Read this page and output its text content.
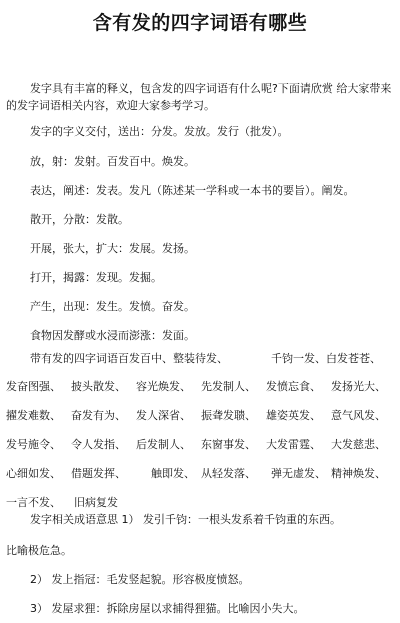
含有发的四字词语有哪些
发字具有丰富的释义，包含发的四字词语有什么呢?下面请欣赏 给大家带来的发字词语相关内容，欢迎大家参考学习。
发字的字义交付，送出：分发。发放。发行（批发）。
放，射：发射。百发百中。焕发。
表达，阐述：发表。发凡（陈述某一学科或一本书的要旨）。阐发。
散开，分散：发散。
开展，张大，扩大：发展。发扬。
打开，揭露：发现。发掘。
产生，出现：发生。发愤。奋发。
食物因发酵或水浸而澎涨：发面。
带有发的四字词语百发百中、整装待发、	千钧一发、白发苍苍、
发奋图强、 披头散发、 容光焕发、 先发制人、 发愤忘食、 发扬光大、
擢发难数、 奋发有为、 发人深省、 振聋发聩、 雄姿英发、 意气风发、
发号施令、 令人发指、 后发制人、 东窗事发、 大发雷霆、 大发慈悲、
心细如发、 借题发挥、 触即发、 从轻发落、 弹无虚发、 精神焕发、
一言不发、 旧病复发
发字相关成语意思 1） 发引千钧：一根头发系着千钧重的东西。
比喻极危急。
2） 发上指冠：毛发竖起貌。形容极度愤怒。
3） 发屋求狸：拆除房屋以求捕得狸猫。比喻因小失大。
